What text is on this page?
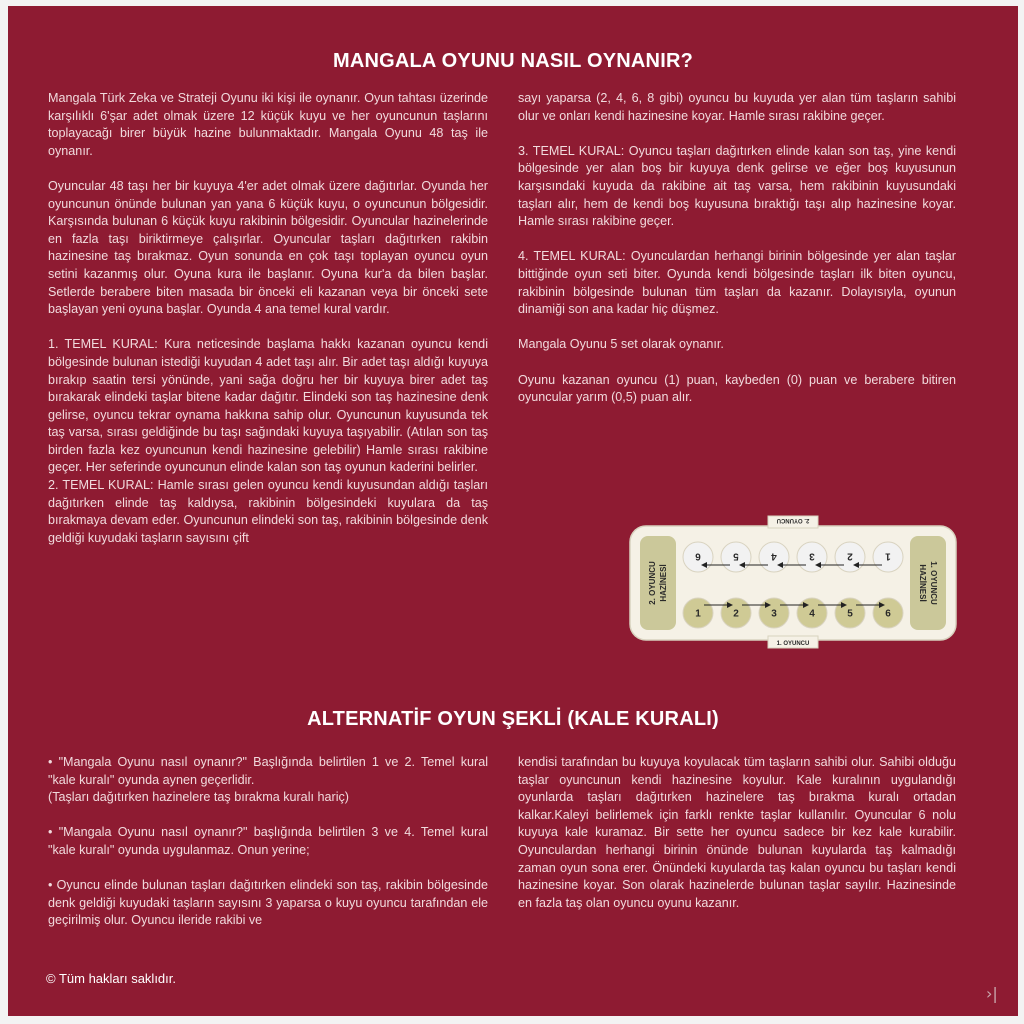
MANGALA OYUNU NASIL OYNANIR?

Mangala Türk Zeka ve Strateji Oyunu iki kişi ile oynanır. Oyun tahtası üzerinde karşılıklı 6'şar adet olmak üzere 12 küçük kuyu ve her oyuncunun taşlarını toplayacağı birer büyük hazine bulunmaktadır. Mangala Oyunu 48 taş ile oynanır.

Oyuncular 48 taşı her bir kuyuya 4'er adet olmak üzere dağıtırlar. Oyunda her oyuncunun önünde bulunan yan yana 6 küçük kuyu, o oyuncunun bölgesidir. Karşısında bulunan 6 küçük kuyu rakibinin bölgesidir. Oyuncular hazinelerinde en fazla taşı biriktirmeye çalışırlar. Oyuncular taşları dağıtırken rakibin hazinesine taş bırakmaz. Oyun sonunda en çok taşı toplayan oyuncu oyun setini kazanmış olur. Oyuna kura ile başlanır. Oyuna kur'a da bilen başlar. Setlerde berabere biten masada bir önceki eli kazanan veya bir önceki sete başlayan yeni oyuna başlar. Oyunda 4 ana temel kural vardır.

1. TEMEL KURAL: Kura neticesinde başlama hakkı kazanan oyuncu kendi bölgesinde bulunan istediği kuyudan 4 adet taşı alır. Bir adet taşı aldığı kuyuya bırakıp saatin tersi yönünde, yani sağa doğru her bir kuyuya birer adet taş bırakarak elindeki taşlar bitene kadar dağıtır. Elindeki son taş hazinesine denk gelirse, oyuncu tekrar oynama hakkına sahip olur. Oyuncunun kuyusunda tek taş varsa, sırası geldiğinde bu taşı sağındaki kuyuya taşıyabilir. (Atılan son taş birden fazla kez oyuncunun kendi hazinesine gelebilir) Hamle sırası rakibine geçer. Her seferinde oyuncunun elinde kalan son taş oyunun kaderini belirler.

2. TEMEL KURAL: Hamle sırası gelen oyuncu kendi kuyusundan aldığı taşları dağıtırken elinde taş kaldıysa, rakibinin bölgesindeki kuyulara da taş bırakmaya devam eder. Oyuncunun elindeki son taş, rakibinin bölgesinde denk geldiği kuyudaki taşların sayısını çift

sayı yaparsa (2, 4, 6, 8 gibi) oyuncu bu kuyuda yer alan tüm taşların sahibi olur ve onları kendi hazinesine koyar. Hamle sırası rakibine geçer.

3. TEMEL KURAL: Oyuncu taşları dağıtırken elinde kalan son taş, yine kendi bölgesinde yer alan boş bir kuyuya denk gelirse ve eğer boş kuyusunun karşısındaki kuyuda da rakibine ait taş varsa, hem rakibinin kuyusundaki taşları alır, hem de kendi boş kuyusuna bıraktığı taşı alıp hazinesine koyar. Hamle sırası rakibine geçer.

4. TEMEL KURAL: Oyunculardan herhangi birinin bölgesinde yer alan taşlar bittiğinde oyun seti biter. Oyunda kendi bölgesinde taşları ilk biten oyuncu, rakibinin bölgesinde bulunan tüm taşları da kazanır. Dolayısıyla, oyunun dinamiği son ana kadar hiç düşmez.

Mangala Oyunu 5 set olarak oynanır.

Oyunu kazanan oyuncu (1) puan, kaybeden (0) puan ve berabere bitiren oyuncular yarım (0,5) puan alır.

2. OYUNCU
1. OYUNCU
2. OYUNCU HAZİNESİ	1. OYUNCU
HAZİNESİ
6	5	4	3	2	1
1	2	3	4	5	6
ALTERNATİF OYUN ŞEKLİ (KALE KURALI)

• "Mangala Oyunu nasıl oynanır?" Başlığında belirtilen 1 ve 2. Temel kural "kale kuralı" oyunda aynen geçerlidir.
(Taşları dağıtırken hazinelere taş bırakma kuralı hariç)

• "Mangala Oyunu nasıl oynanır?" başlığında belirtilen 3 ve 4. Temel kural "kale kuralı" oyunda uygulanmaz. Onun yerine;

• Oyuncu elinde bulunan taşları dağıtırken elindeki son taş, rakibin bölgesinde denk geldiği kuyudaki taşların sayısını 3 yaparsa o kuyu oyuncu tarafından ele geçirilmiş olur. Oyuncu ileride rakibi ve

kendisi tarafından bu kuyuya koyulacak tüm taşların sahibi olur. Sahibi olduğu taşlar oyuncunun kendi hazinesine koyulur. Kale kuralının uygulandığı oyunlarda taşları dağıtırken hazinelere taş bırakma kuralı ortadan kalkar.Kaleyi belirlemek için farklı renkte taşlar kullanılır. Oyuncular 6 nolu kuyuya kale kuramaz. Bir sette her oyuncu sadece bir kez kale kurabilir. Oyunculardan herhangi birinin önünde bulunan kuyularda taş kalmadığı zaman oyun sona erer. Önündeki kuyularda taş kalan oyuncu bu taşları kendi hazinesine koyar. Son olarak hazinelerde bulunan taşlar sayılır. Hazinesinde en fazla taş olan oyuncu oyunu kazanır.

© Tüm hakları saklıdır.
›|
